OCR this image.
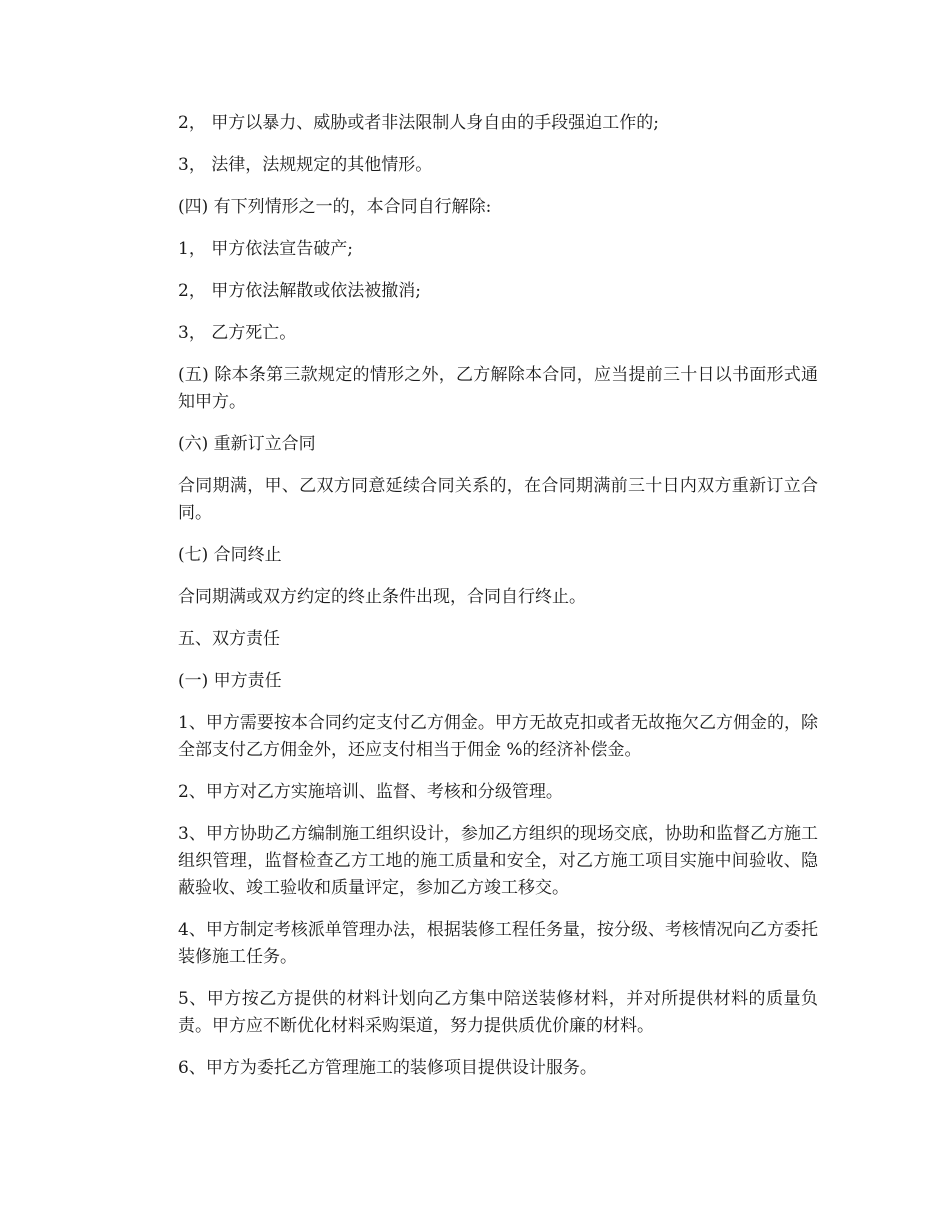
2， 甲方以暴力、威胁或者非法限制人身自由的手段强迫工作的;

3， 法律，法规规定的其他情形。

(四) 有下列情形之一的，本合同自行解除:

1， 甲方依法宣告破产;

2， 甲方依法解散或依法被撤消;

3， 乙方死亡。

(五) 除本条第三款规定的情形之外，乙方解除本合同，应当提前三十日以书面形式通知甲方。

(六) 重新订立合同

合同期满，甲、乙双方同意延续合同关系的，在合同期满前三十日内双方重新订立合同。

(七) 合同终止

合同期满或双方约定的终止条件出现，合同自行终止。

五、双方责任

(一) 甲方责任

1、甲方需要按本合同约定支付乙方佣金。甲方无故克扣或者无故拖欠乙方佣金的，除全部支付乙方佣金外，还应支付相当于佣金 %的经济补偿金。

2、甲方对乙方实施培训、监督、考核和分级管理。

3、甲方协助乙方编制施工组织设计，参加乙方组织的现场交底，协助和监督乙方施工组织管理，监督检查乙方工地的施工质量和安全，对乙方施工项目实施中间验收、隐蔽验收、竣工验收和质量评定，参加乙方竣工移交。

4、甲方制定考核派单管理办法，根据装修工程任务量，按分级、考核情况向乙方委托装修施工任务。

5、甲方按乙方提供的材料计划向乙方集中陪送装修材料，并对所提供材料的质量负责。甲方应不断优化材料采购渠道，努力提供质优价廉的材料。

6、甲方为委托乙方管理施工的装修项目提供设计服务。
